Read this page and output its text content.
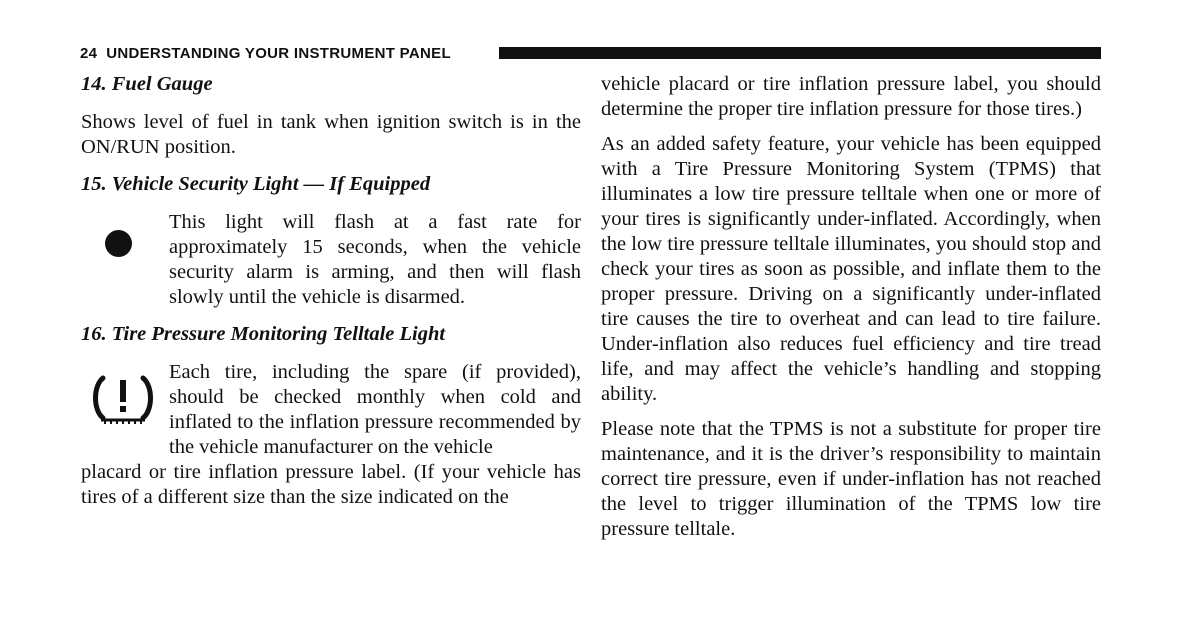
24 UNDERSTANDING YOUR INSTRUMENT PANEL

14. Fuel Gauge

Shows level of fuel in tank when ignition switch is in the ON/RUN position.

15. Vehicle Security Light — If Equipped

This light will flash at a fast rate for approximately 15 seconds, when the vehicle security alarm is arming, and then will flash slowly until the vehicle is disarmed.

16. Tire Pressure Monitoring Telltale Light

Each tire, including the spare (if provided), should be checked monthly when cold and inflated to the inflation pressure recommended by the vehicle manufacturer on the vehicle

placard or tire inflation pressure label. (If your vehicle has tires of a different size than the size indicated on the

vehicle placard or tire inflation pressure label, you should determine the proper tire inflation pressure for those tires.)

As an added safety feature, your vehicle has been equipped with a Tire Pressure Monitoring System (TPMS) that illuminates a low tire pressure telltale when one or more of your tires is significantly under-inflated. Accordingly, when the low tire pressure telltale illuminates, you should stop and check your tires as soon as possible, and inflate them to the proper pressure. Driving on a significantly under-inflated tire causes the tire to overheat and can lead to tire failure. Under-inflation also reduces fuel efficiency and tire tread life, and may affect the vehicle’s handling and stopping ability.

Please note that the TPMS is not a substitute for proper tire maintenance, and it is the driver’s responsibility to maintain correct tire pressure, even if under-inflation has not reached the level to trigger illumination of the TPMS low tire pressure telltale.
